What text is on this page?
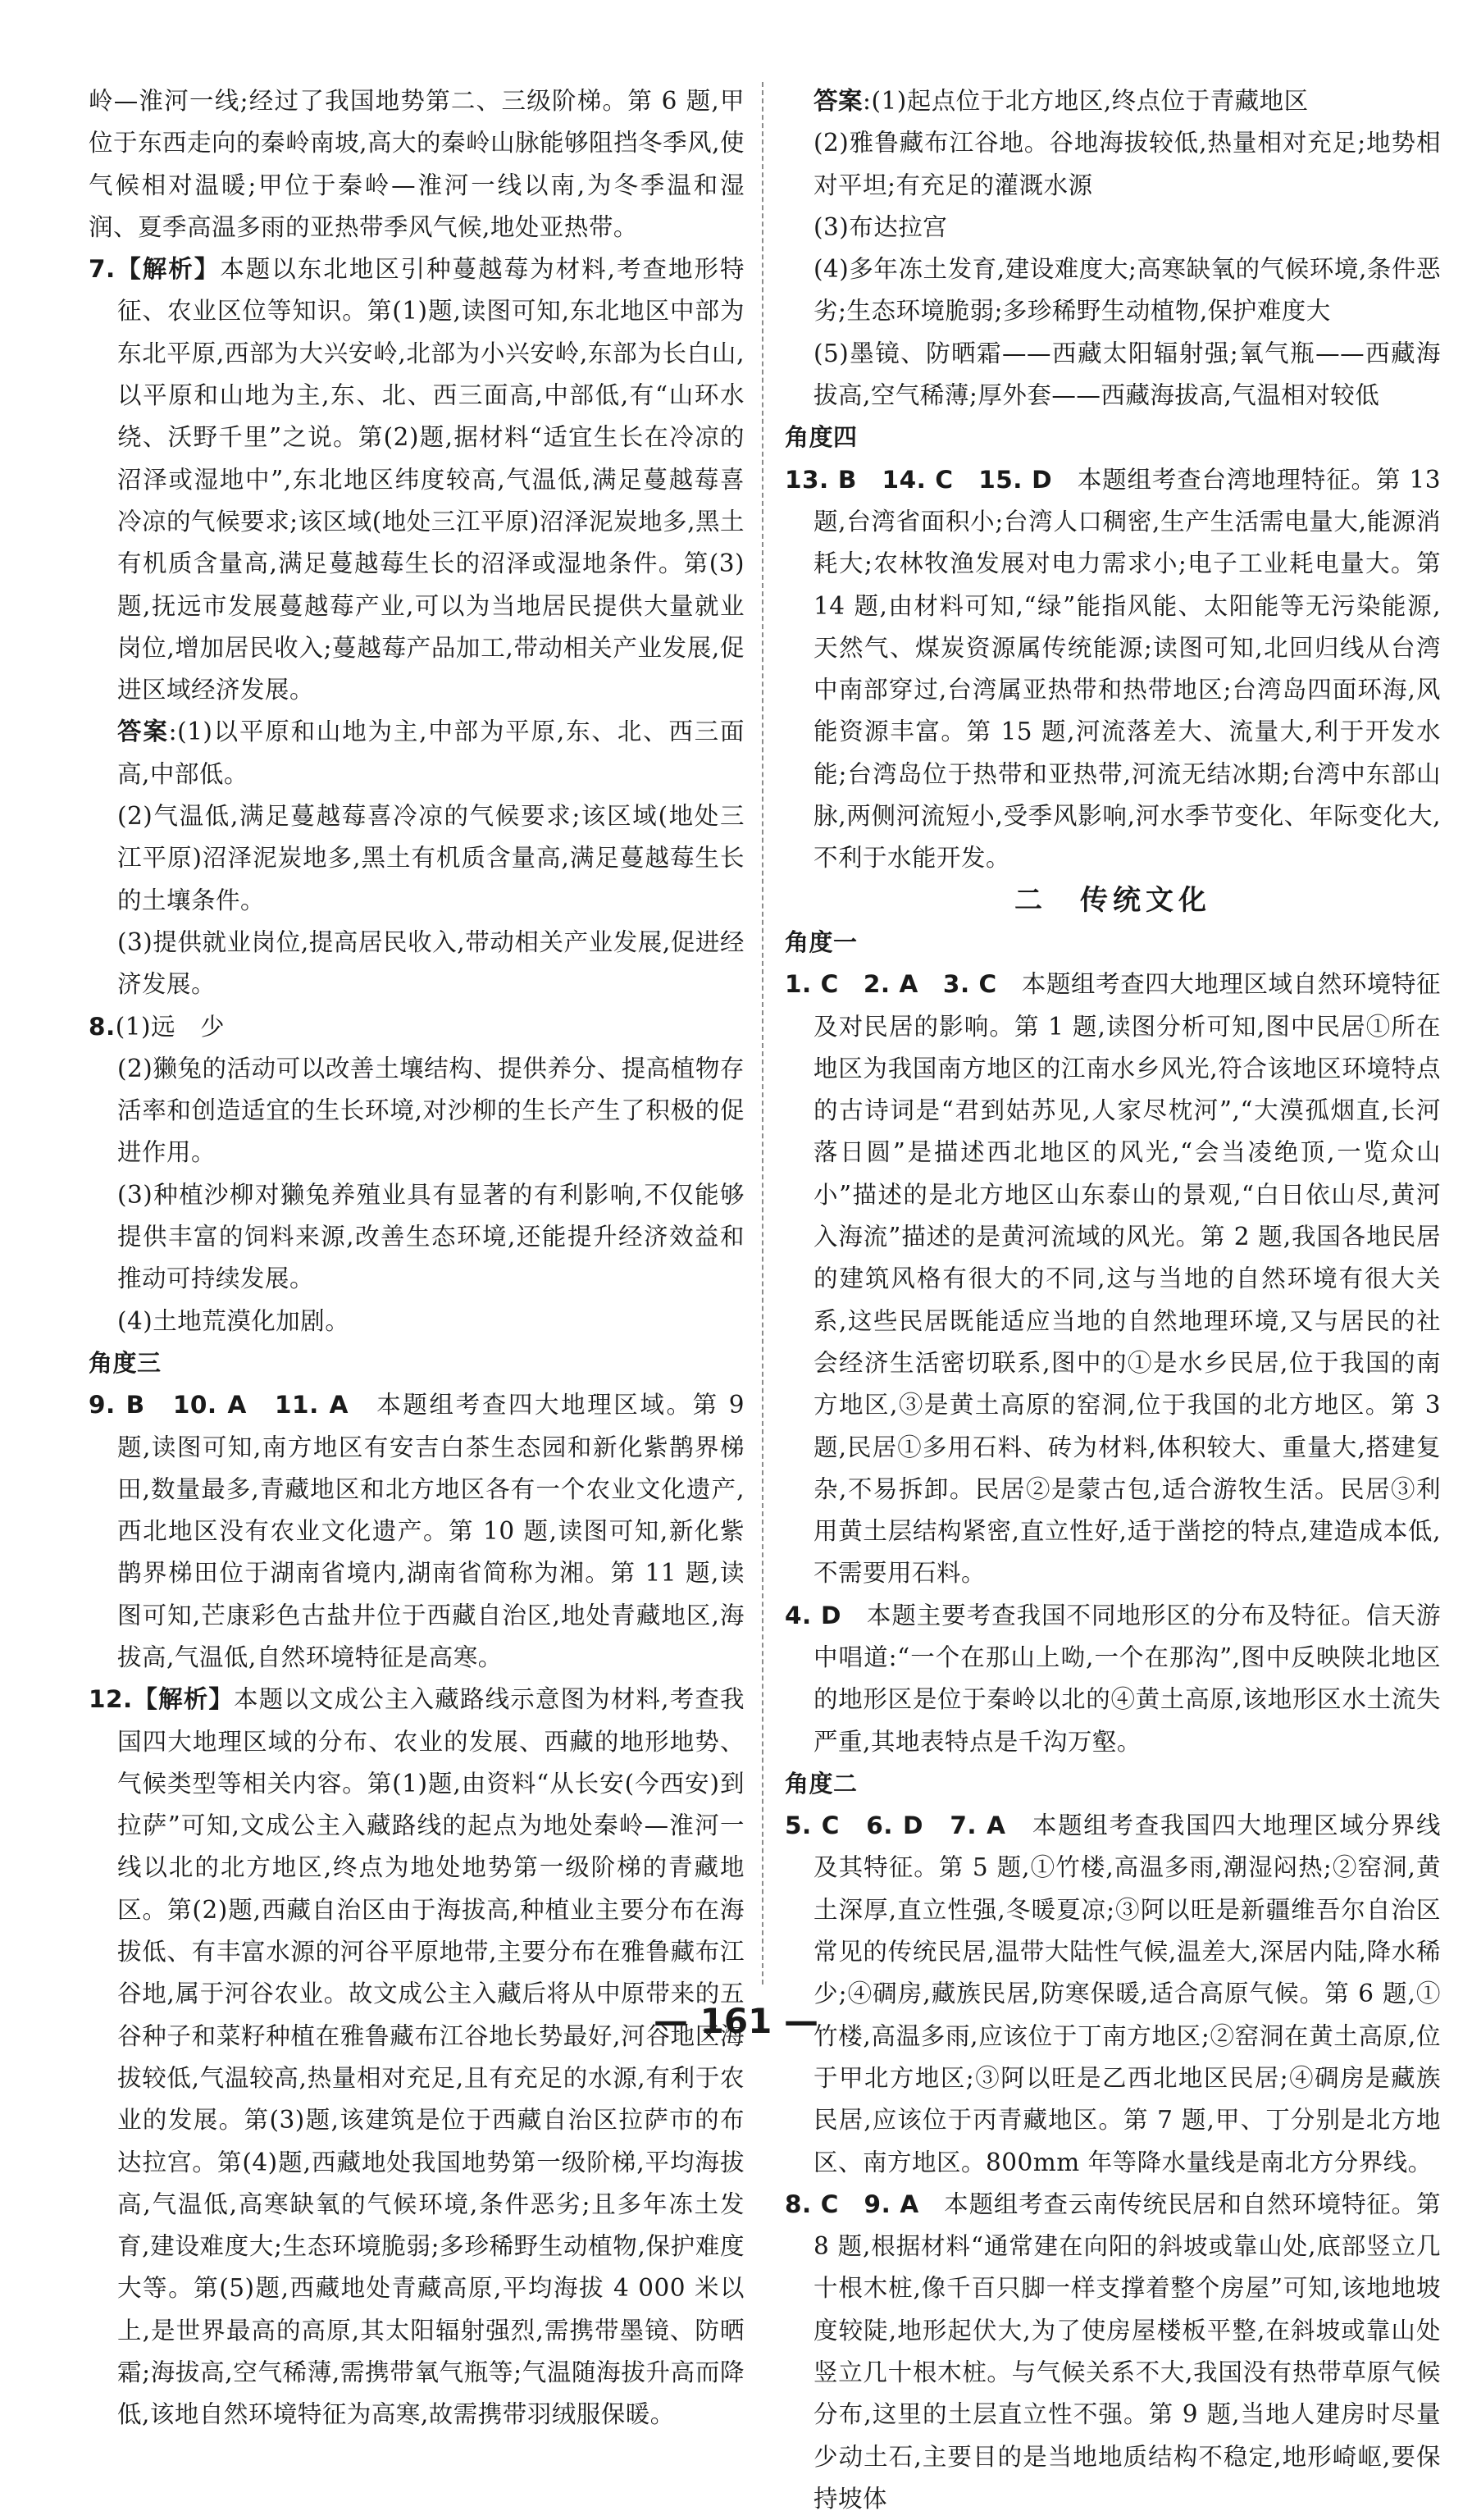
岭—淮河一线;经过了我国地势第二、三级阶梯。第 6 题,甲位于东西走向的秦岭南坡,高大的秦岭山脉能够阻挡冬季风,使气候相对温暖;甲位于秦岭—淮河一线以南,为冬季温和湿润、夏季高温多雨的亚热带季风气候,地处亚热带。

7.【解析】本题以东北地区引种蔓越莓为材料,考查地形特征、农业区位等知识。第(1)题,读图可知,东北地区中部为东北平原,西部为大兴安岭,北部为小兴安岭,东部为长白山,以平原和山地为主,东、北、西三面高,中部低,有“山环水绕、沃野千里”之说。第(2)题,据材料“适宜生长在冷凉的沼泽或湿地中”,东北地区纬度较高,气温低,满足蔓越莓喜冷凉的气候要求;该区域(地处三江平原)沼泽泥炭地多,黑土有机质含量高,满足蔓越莓生长的沼泽或湿地条件。第(3)题,抚远市发展蔓越莓产业,可以为当地居民提供大量就业岗位,增加居民收入;蔓越莓产品加工,带动相关产业发展,促进区域经济发展。

答案:(1)以平原和山地为主,中部为平原,东、北、西三面高,中部低。

(2)气温低,满足蔓越莓喜冷凉的气候要求;该区域(地处三江平原)沼泽泥炭地多,黑土有机质含量高,满足蔓越莓生长的土壤条件。

(3)提供就业岗位,提高居民收入,带动相关产业发展,促进经济发展。

8.(1)远　少

(2)獭兔的活动可以改善土壤结构、提供养分、提高植物存活率和创造适宜的生长环境,对沙柳的生长产生了积极的促进作用。

(3)种植沙柳对獭兔养殖业具有显著的有利影响,不仅能够提供丰富的饲料来源,改善生态环境,还能提升经济效益和推动可持续发展。

(4)土地荒漠化加剧。

角度三

9. B　10. A　11. A　本题组考查四大地理区域。第 9 题,读图可知,南方地区有安吉白茶生态园和新化紫鹊界梯田,数量最多,青藏地区和北方地区各有一个农业文化遗产,西北地区没有农业文化遗产。第 10 题,读图可知,新化紫鹊界梯田位于湖南省境内,湖南省简称为湘。第 11 题,读图可知,芒康彩色古盐井位于西藏自治区,地处青藏地区,海拔高,气温低,自然环境特征是高寒。

12.【解析】本题以文成公主入藏路线示意图为材料,考查我国四大地理区域的分布、农业的发展、西藏的地形地势、气候类型等相关内容。第(1)题,由资料“从长安(今西安)到拉萨”可知,文成公主入藏路线的起点为地处秦岭—淮河一线以北的北方地区,终点为地处地势第一级阶梯的青藏地区。第(2)题,西藏自治区由于海拔高,种植业主要分布在海拔低、有丰富水源的河谷平原地带,主要分布在雅鲁藏布江谷地,属于河谷农业。故文成公主入藏后将从中原带来的五谷种子和菜籽种植在雅鲁藏布江谷地长势最好,河谷地区海拔较低,气温较高,热量相对充足,且有充足的水源,有利于农业的发展。第(3)题,该建筑是位于西藏自治区拉萨市的布达拉宫。第(4)题,西藏地处我国地势第一级阶梯,平均海拔高,气温低,高寒缺氧的气候环境,条件恶劣;且多年冻土发育,建设难度大;生态环境脆弱;多珍稀野生动植物,保护难度大等。第(5)题,西藏地处青藏高原,平均海拔 4 000 米以上,是世界最高的高原,其太阳辐射强烈,需携带墨镜、防晒霜;海拔高,空气稀薄,需携带氧气瓶等;气温随海拔升高而降低,该地自然环境特征为高寒,故需携带羽绒服保暖。

答案:(1)起点位于北方地区,终点位于青藏地区

(2)雅鲁藏布江谷地。谷地海拔较低,热量相对充足;地势相对平坦;有充足的灌溉水源

(3)布达拉宫

(4)多年冻土发育,建设难度大;高寒缺氧的气候环境,条件恶劣;生态环境脆弱;多珍稀野生动植物,保护难度大

(5)墨镜、防晒霜——西藏太阳辐射强;氧气瓶——西藏海拔高,空气稀薄;厚外套——西藏海拔高,气温相对较低

角度四

13. B　14. C　15. D　本题组考查台湾地理特征。第 13 题,台湾省面积小;台湾人口稠密,生产生活需电量大,能源消耗大;农林牧渔发展对电力需求小;电子工业耗电量大。第 14 题,由材料可知,“绿”能指风能、太阳能等无污染能源,天然气、煤炭资源属传统能源;读图可知,北回归线从台湾中南部穿过,台湾属亚热带和热带地区;台湾岛四面环海,风能资源丰富。第 15 题,河流落差大、流量大,利于开发水能;台湾岛位于热带和亚热带,河流无结冰期;台湾中东部山脉,两侧河流短小,受季风影响,河水季节变化、年际变化大,不利于水能开发。

二　传统文化

角度一

1. C　2. A　3. C　本题组考查四大地理区域自然环境特征及对民居的影响。第 1 题,读图分析可知,图中民居①所在地区为我国南方地区的江南水乡风光,符合该地区环境特点的古诗词是“君到姑苏见,人家尽枕河”,“大漠孤烟直,长河落日圆”是描述西北地区的风光,“会当凌绝顶,一览众山小”描述的是北方地区山东泰山的景观,“白日依山尽,黄河入海流”描述的是黄河流域的风光。第 2 题,我国各地民居的建筑风格有很大的不同,这与当地的自然环境有很大关系,这些民居既能适应当地的自然地理环境,又与居民的社会经济生活密切联系,图中的①是水乡民居,位于我国的南方地区,③是黄土高原的窑洞,位于我国的北方地区。第 3 题,民居①多用石料、砖为材料,体积较大、重量大,搭建复杂,不易拆卸。民居②是蒙古包,适合游牧生活。民居③利用黄土层结构紧密,直立性好,适于凿挖的特点,建造成本低,不需要用石料。

4. D　本题主要考查我国不同地形区的分布及特征。信天游中唱道:“一个在那山上呦,一个在那沟”,图中反映陕北地区的地形区是位于秦岭以北的④黄土高原,该地形区水土流失严重,其地表特点是千沟万壑。

角度二

5. C　6. D　7. A　本题组考查我国四大地理区域分界线及其特征。第 5 题,①竹楼,高温多雨,潮湿闷热;②窑洞,黄土深厚,直立性强,冬暖夏凉;③阿以旺是新疆维吾尔自治区常见的传统民居,温带大陆性气候,温差大,深居内陆,降水稀少;④碉房,藏族民居,防寒保暖,适合高原气候。第 6 题,①竹楼,高温多雨,应该位于丁南方地区;②窑洞在黄土高原,位于甲北方地区;③阿以旺是乙西北地区民居;④碉房是藏族民居,应该位于丙青藏地区。第 7 题,甲、丁分别是北方地区、南方地区。800mm 年等降水量线是南北方分界线。

8. C　9. A　本题组考查云南传统民居和自然环境特征。第 8 题,根据材料“通常建在向阳的斜坡或靠山处,底部竖立几十根木桩,像千百只脚一样支撑着整个房屋”可知,该地地坡度较陡,地形起伏大,为了使房屋楼板平整,在斜坡或靠山处竖立几十根木桩。与气候关系不大,我国没有热带草原气候分布,这里的土层直立性不强。第 9 题,当地人建房时尽量少动土石,主要目的是当地地质结构不稳定,地形崎岖,要保持坡体

— 161 —
